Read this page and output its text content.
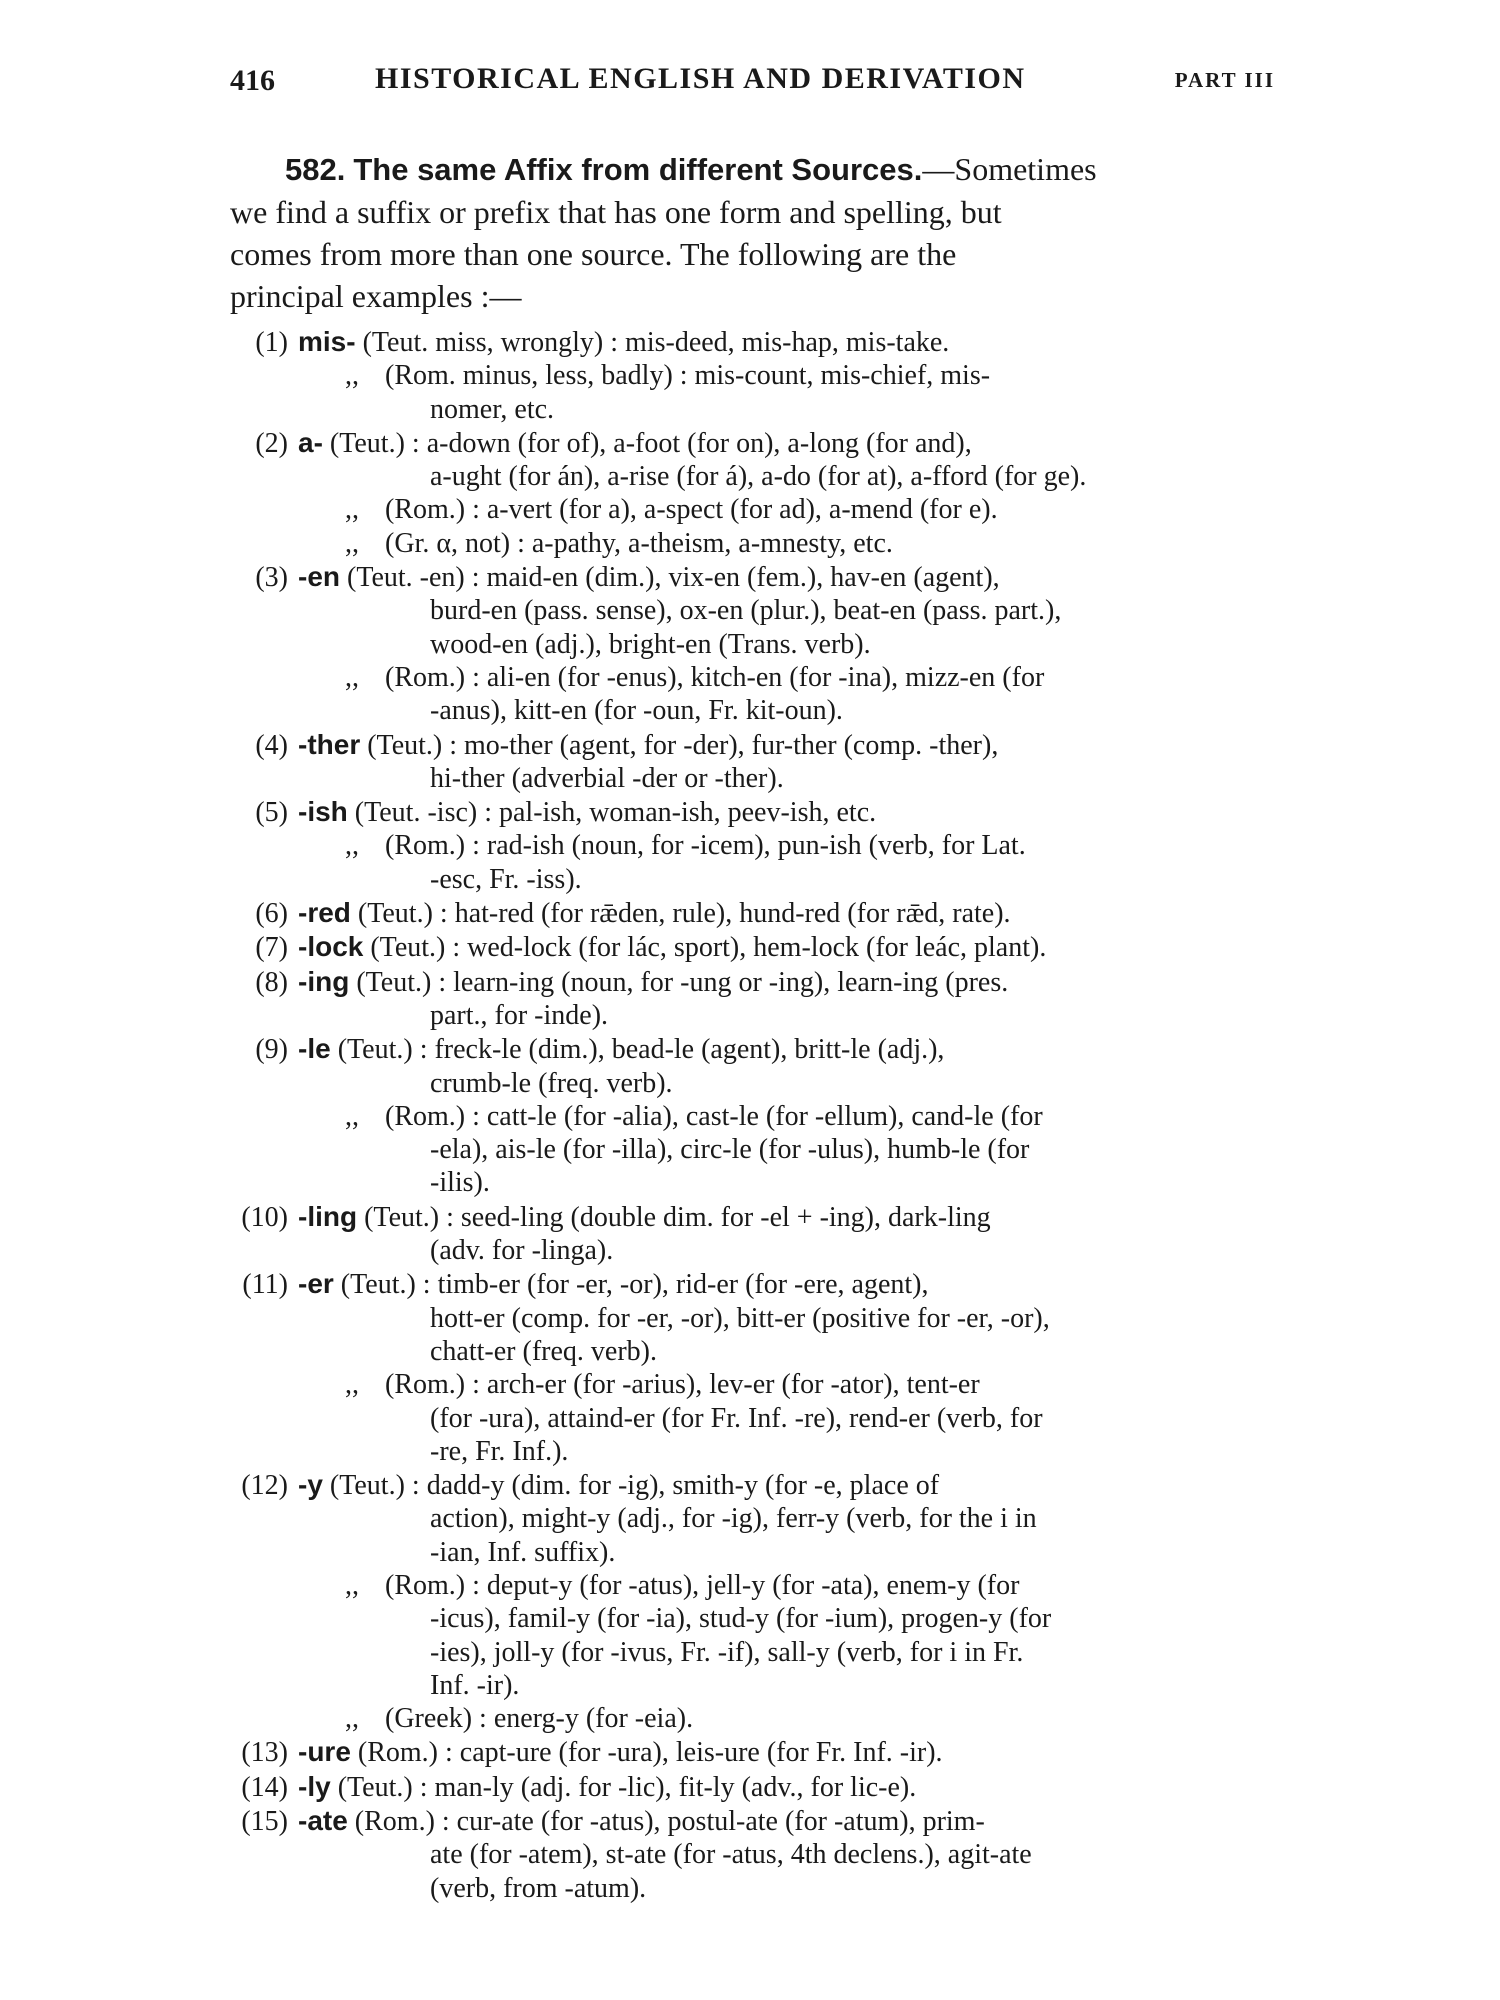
416	HISTORICAL ENGLISH AND DERIVATION	PART III
582. The same Affix from different Sources.—Sometimes
we find a suffix or prefix that has one form and spelling, but
comes from more than one source. The following are the
principal examples :—
(1) mis- (Teut. miss, wrongly) : mis-deed, mis-hap, mis-take.
,, (Rom. minus, less, badly) : mis-count, mis-chief, mis-
nomer, etc.
(2) a- (Teut.) : a-down (for of), a-foot (for on), a-long (for and),
a-ught (for án), a-rise (for á), a-do (for at), a-fford (for ge).
,, (Rom.) : a-vert (for a), a-spect (for ad), a-mend (for e).
,, (Gr. α, not) : a-pathy, a-theism, a-mnesty, etc.
(3) -en (Teut. -en) : maid-en (dim.), vix-en (fem.), hav-en (agent),
burd-en (pass. sense), ox-en (plur.), beat-en (pass. part.),
wood-en (adj.), bright-en (Trans. verb).
,, (Rom.) : ali-en (for -enus), kitch-en (for -ina), mizz-en (for
-anus), kitt-en (for -oun, Fr. kit-oun).
(4) -ther (Teut.) : mo-ther (agent, for -der), fur-ther (comp. -ther),
hi-ther (adverbial -der or -ther).
(5) -ish (Teut. -isc) : pal-ish, woman-ish, peev-ish, etc.
,, (Rom.) : rad-ish (noun, for -icem), pun-ish (verb, for Lat.
-esc, Fr. -iss).
(6) -red (Teut.) : hat-red (for rǣden, rule), hund-red (for rǣd, rate).
(7) -lock (Teut.) : wed-lock (for lác, sport), hem-lock (for leác, plant).
(8) -ing (Teut.) : learn-ing (noun, for -ung or -ing), learn-ing (pres.
part., for -inde).
(9) -le (Teut.) : freck-le (dim.), bead-le (agent), britt-le (adj.),
crumb-le (freq. verb).
,, (Rom.) : catt-le (for -alia), cast-le (for -ellum), cand-le (for
-ela), ais-le (for -illa), circ-le (for -ulus), humb-le (for
-ilis).
(10) -ling (Teut.) : seed-ling (double dim. for -el + -ing), dark-ling
(adv. for -linga).
(11) -er (Teut.) : timb-er (for -er, -or), rid-er (for -ere, agent),
hott-er (comp. for -er, -or), bitt-er (positive for -er, -or),
chatt-er (freq. verb).
,, (Rom.) : arch-er (for -arius), lev-er (for -ator), tent-er
(for -ura), attaind-er (for Fr. Inf. -re), rend-er (verb, for
-re, Fr. Inf.).
(12) -y (Teut.) : dadd-y (dim. for -ig), smith-y (for -e, place of
action), might-y (adj., for -ig), ferr-y (verb, for the i in
-ian, Inf. suffix).
,, (Rom.) : deput-y (for -atus), jell-y (for -ata), enem-y (for
-icus), famil-y (for -ia), stud-y (for -ium), progen-y (for
-ies), joll-y (for -ivus, Fr. -if), sall-y (verb, for i in Fr.
Inf. -ir).
,, (Greek) : energ-y (for -eia).
(13) -ure (Rom.) : capt-ure (for -ura), leis-ure (for Fr. Inf. -ir).
(14) -ly (Teut.) : man-ly (adj. for -lic), fit-ly (adv., for lic-e).
(15) -ate (Rom.) : cur-ate (for -atus), postul-ate (for -atum), prim-
ate (for -atem), st-ate (for -atus, 4th declens.), agit-ate
(verb, from -atum).
